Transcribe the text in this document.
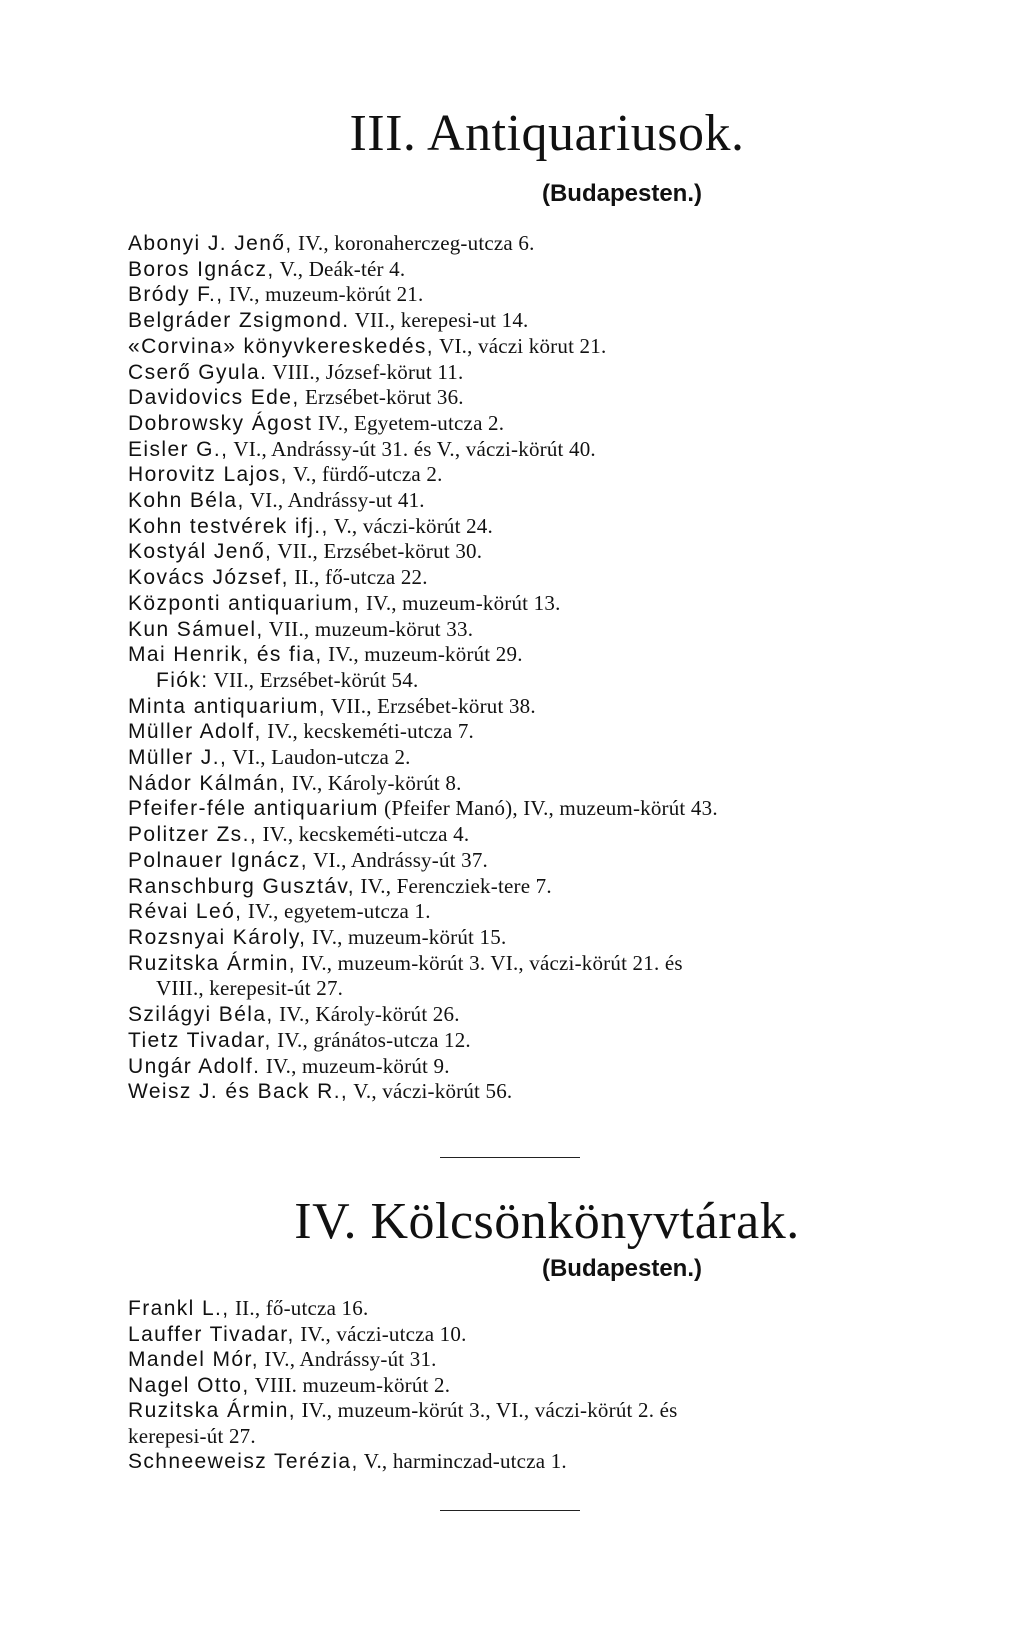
III. Antiquariusok.
(Budapesten.)
Abonyi J. Jenő, IV., koronaherczeg-utcza 6.
Boros Ignácz, V., Deák-tér 4.
Bródy F., IV., muzeum-körút 21.
Belgráder Zsigmond. VII., kerepesi-ut 14.
«Corvina» könyvkereskedés, VI., váczi körut 21.
Cserő Gyula. VIII., József-körut 11.
Davidovics Ede, Erzsébet-körut 36.
Dobrowsky Ágost IV., Egyetem-utcza 2.
Eisler G., VI., Andrássy-út 31. és V., váczi-körút 40.
Horovitz Lajos, V., fürdő-utcza 2.
Kohn Béla, VI., Andrássy-ut 41.
Kohn testvérek ifj., V., váczi-körút 24.
Kostyál Jenő, VII., Erzsébet-körut 30.
Kovács József, II., fő-utcza 22.
Központi antiquarium, IV., muzeum-körút 13.
Kun Sámuel, VII., muzeum-körut 33.
Mai Henrik, és fia, IV., muzeum-körút 29.
Fiók: VII., Erzsébet-körút 54.
Minta antiquarium, VII., Erzsébet-körut 38.
Müller Adolf, IV., kecskeméti-utcza 7.
Müller J., VI., Laudon-utcza 2.
Nádor Kálmán, IV., Károly-körút 8.
Pfeifer-féle antiquarium (Pfeifer Manó), IV., muzeum-körút 43.
Politzer Zs., IV., kecskeméti-utcza 4.
Polnauer Ignácz, VI., Andrássy-út 37.
Ranschburg Gusztáv, IV., Ferencziek-tere 7.
Révai Leó, IV., egyetem-utcza 1.
Rozsnyai Károly, IV., muzeum-körút 15.
Ruzitska Ármin, IV., muzeum-körút 3. VI., váczi-körút 21. és
VIII., kerepesit-út 27.
Szilágyi Béla, IV., Károly-körút 26.
Tietz Tivadar, IV., gránátos-utcza 12.
Ungár Adolf. IV., muzeum-körút 9.
Weisz J. és Back R., V., váczi-körút 56.
IV. Kölcsönkönyvtárak.
(Budapesten.)
Frankl L., II., fő-utcza 16.
Lauffer Tivadar, IV., váczi-utcza 10.
Mandel Mór, IV., Andrássy-út 31.
Nagel Otto, VIII. muzeum-körút 2.
Ruzitska Ármin, IV., muzeum-körút 3., VI., váczi-körút 2. és
kerepesi-út 27.
Schneeweisz Terézia, V., harminczad-utcza 1.
